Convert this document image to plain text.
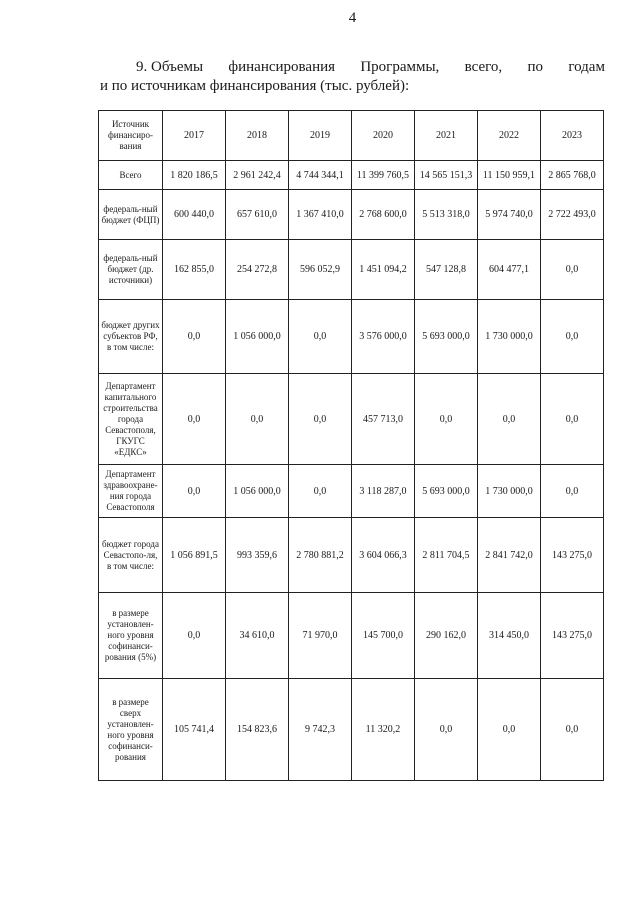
4
9. Объемы финансирования Программы, всего, по годам
и по источникам финансирования (тыс. рублей):
Источник финансиро-вания	2017	2018	2019	2020	2021	2022	2023
Всего	1 820 186,5	2 961 242,4	4 744 344,1	11 399 760,5	14 565 151,3	11 150 959,1	2 865 768,0
федераль-ный бюджет (ФЦП)	600 440,0	657 610,0	1 367 410,0	2 768 600,0	5 513 318,0	5 974 740,0	2 722 493,0
федераль-ный бюджет (др. источники)	162 855,0	254 272,8	596 052,9	1 451 094,2	547 128,8	604 477,1	0,0
бюджет других субъектов РФ, в том числе:	0,0	1 056 000,0	0,0	3 576 000,0	5 693 000,0	1 730 000,0	0,0
Департамент капитального строительства города Севастополя, ГКУГС «ЕДКС»	0,0	0,0	0,0	457 713,0	0,0	0,0	0,0
Департамент здравоохране-ния города Севастополя	0,0	1 056 000,0	0,0	3 118 287,0	5 693 000,0	1 730 000,0	0,0
бюджет города Севастопо-ля, в том числе:	1 056 891,5	993 359,6	2 780 881,2	3 604 066,3	2 811 704,5	2 841 742,0	143 275,0
в размере установлен-ного уровня софинанси-рования (5%)	0,0	34 610,0	71 970,0	145 700,0	290 162,0	314 450,0	143 275,0
в размере сверх установлен-ного уровня софинанси-рования	105 741,4	154 823,6	9 742,3	11 320,2	0,0	0,0	0,0
